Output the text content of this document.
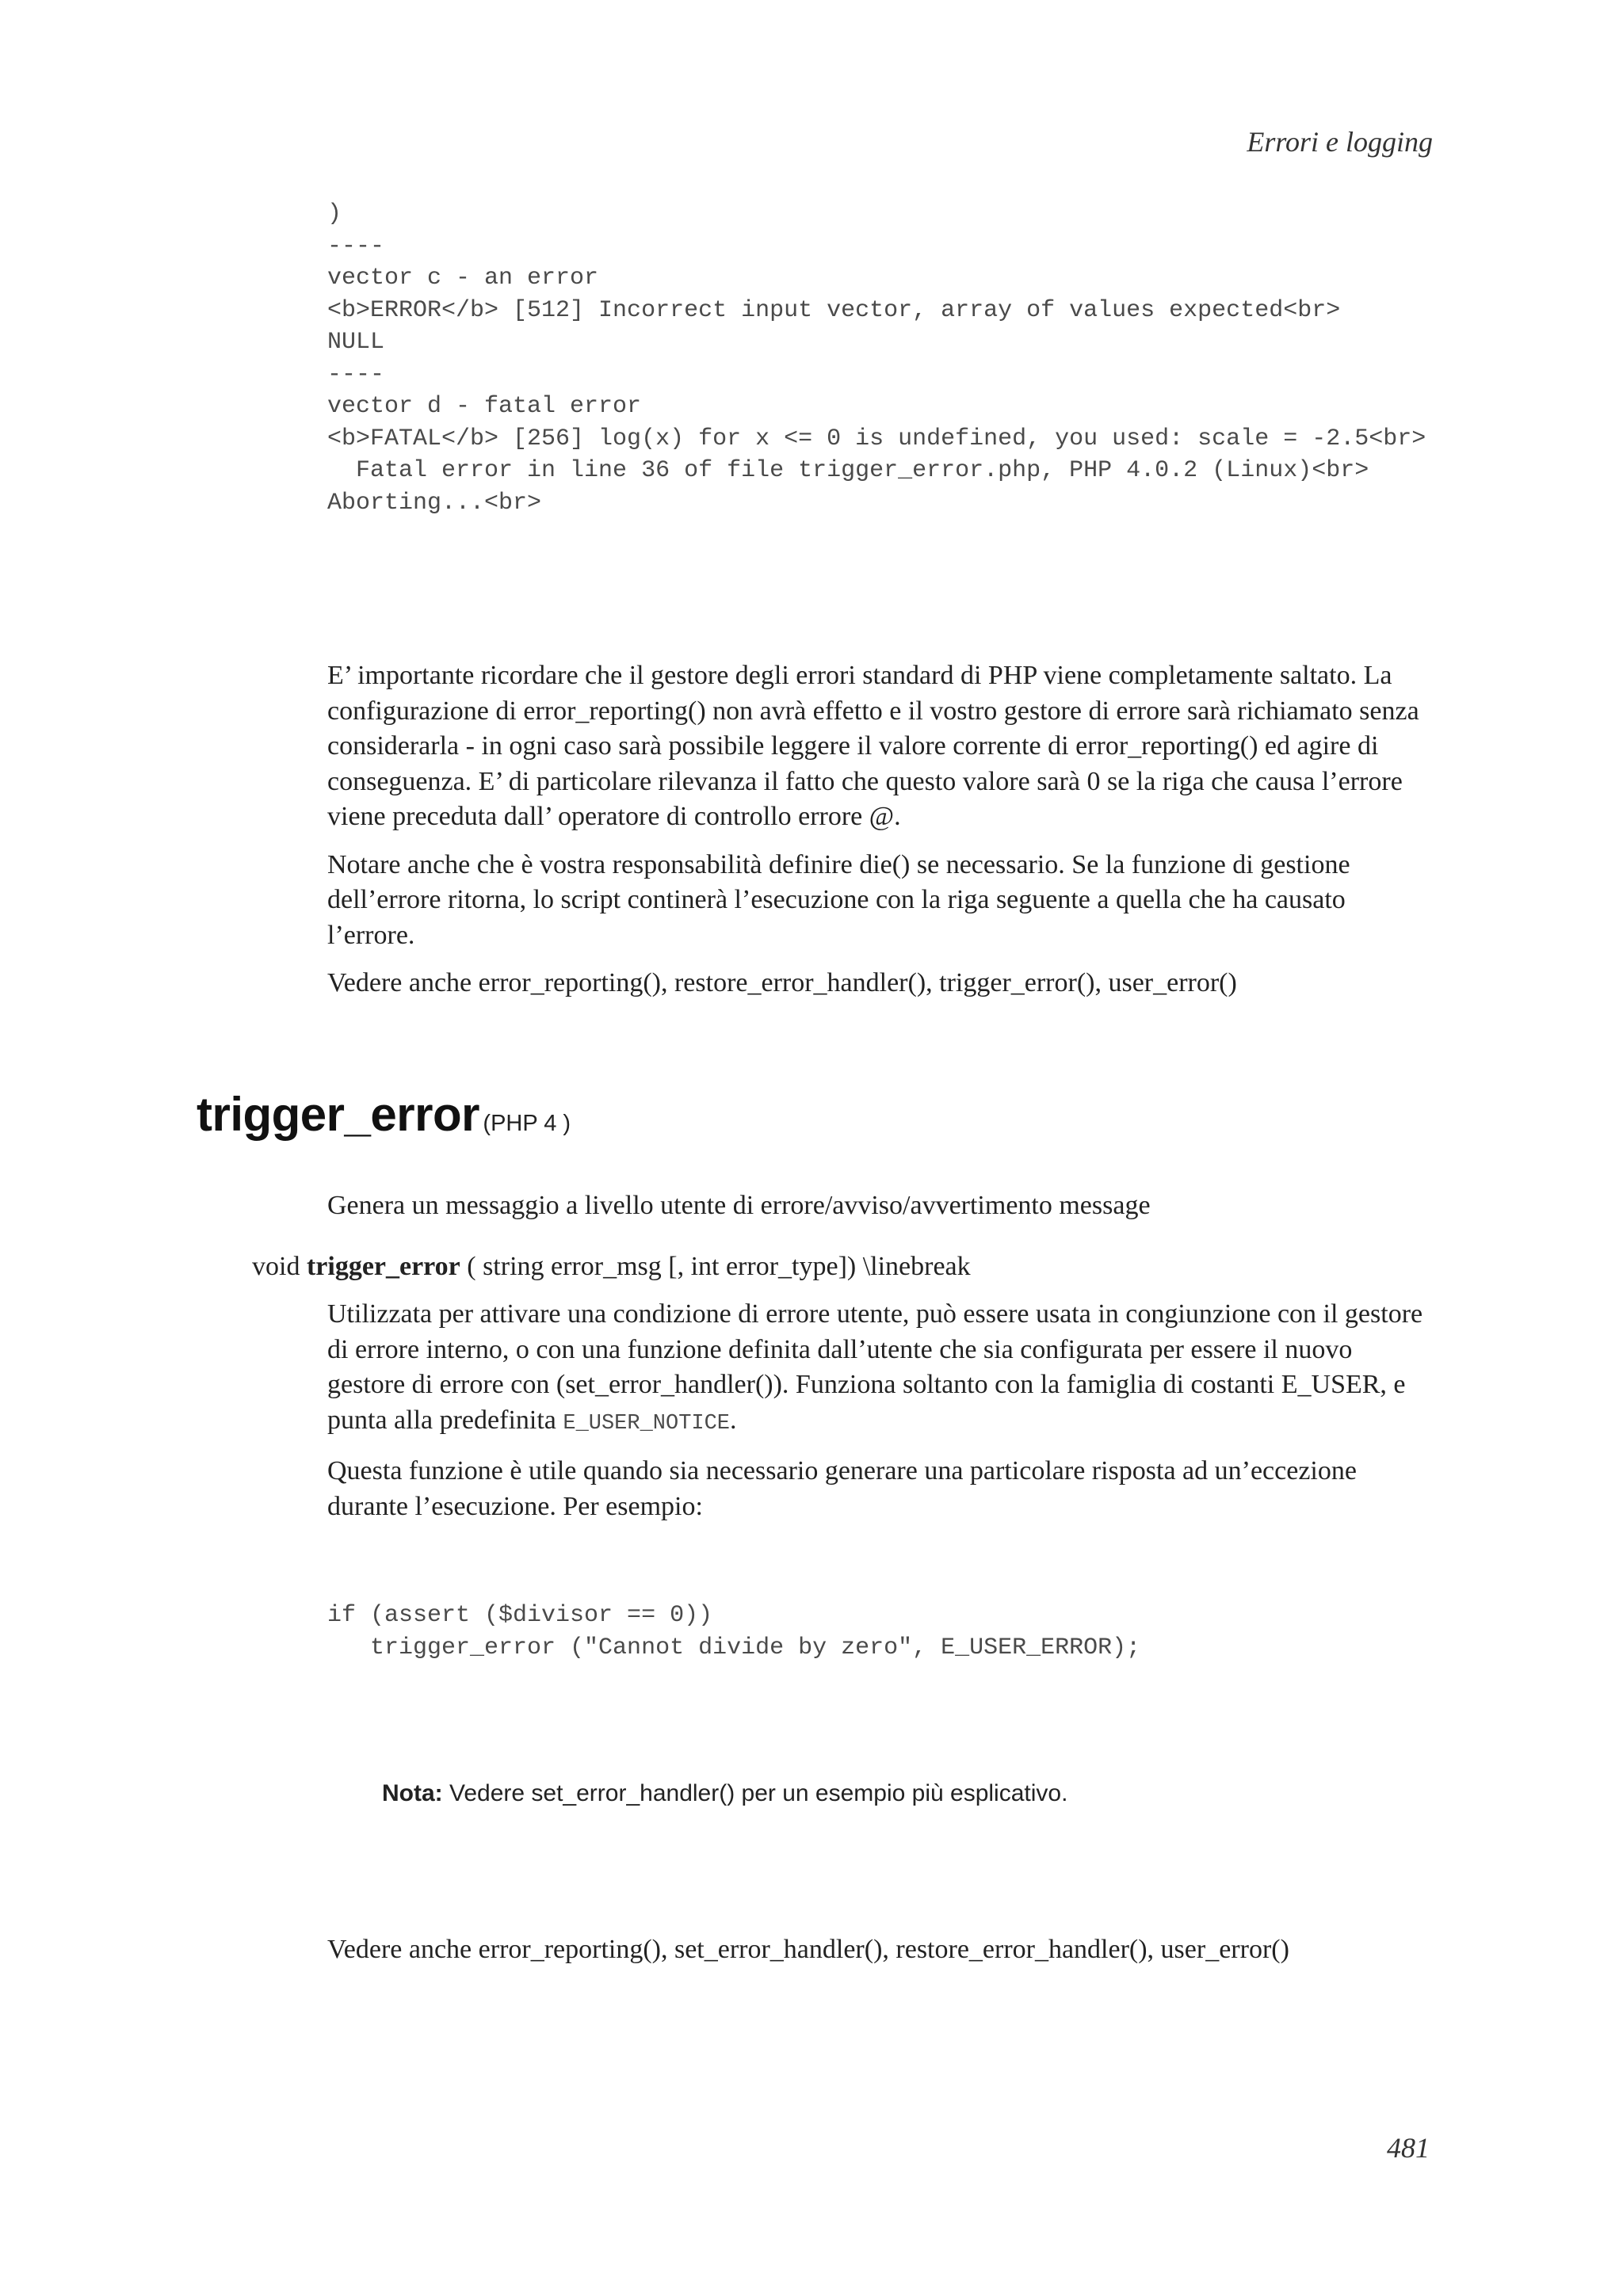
Errori e logging
)
----
vector c - an error
<b>ERROR</b> [512] Incorrect input vector, array of values expected<br>
NULL
----
vector d - fatal error
<b>FATAL</b> [256] log(x) for x <= 0 is undefined, you used: scale = -2.5<br>
Fatal error in line 36 of file trigger_error.php, PHP 4.0.2 (Linux)<br>
Aborting...<br>

E’ importante ricordare che il gestore degli errori standard di PHP viene completamente saltato. La configurazione di error_reporting() non avrà effetto e il vostro gestore di errore sarà richiamato senza considerarla - in ogni caso sarà possibile leggere il valore corrente di error_reporting() ed agire di conseguenza. E’ di particolare rilevanza il fatto che questo valore sarà 0 se la riga che causa l’errore viene preceduta dall’ operatore di controllo errore @.

Notare anche che è vostra responsabilità definire die() se necessario. Se la funzione di gestione dell’errore ritorna, lo script continerà l’esecuzione con la riga seguente a quella che ha causato l’errore.

Vedere anche error_reporting(), restore_error_handler(), trigger_error(), user_error()

trigger_error (PHP 4 )

Genera un messaggio a livello utente di errore/avviso/avvertimento message

void trigger_error ( string error_msg [, int error_type]) \linebreak

Utilizzata per attivare una condizione di errore utente, può essere usata in congiunzione con il gestore di errore interno, o con una funzione definita dall’utente che sia configurata per essere il nuovo gestore di errore con (set_error_handler()). Funziona soltanto con la famiglia di costanti E_USER, e punta alla predefinita E_USER_NOTICE.

Questa funzione è utile quando sia necessario generare una particolare risposta ad un’eccezione durante l’esecuzione. Per esempio:

if (assert ($divisor == 0))
trigger_error ("Cannot divide by zero", E_USER_ERROR);
Nota: Vedere set_error_handler() per un esempio più esplicativo.

Vedere anche error_reporting(), set_error_handler(), restore_error_handler(), user_error()

481
